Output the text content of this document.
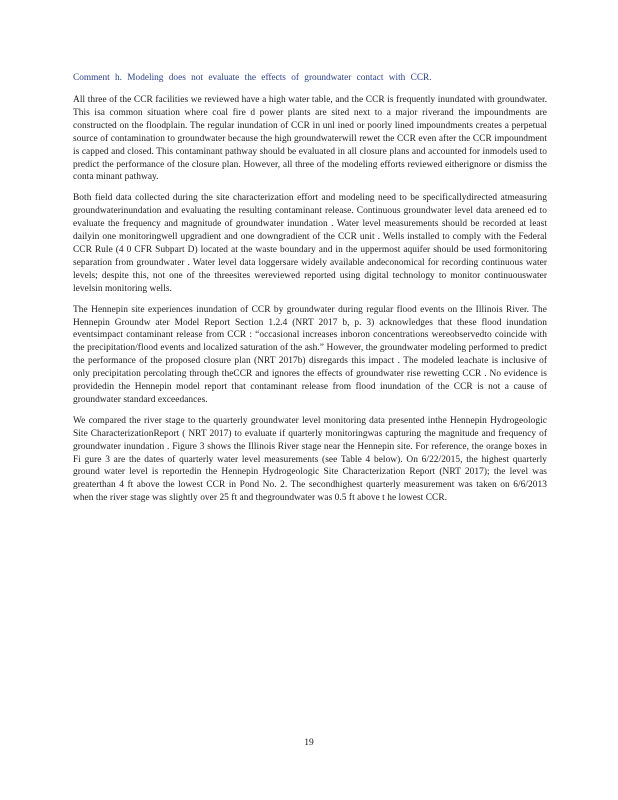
Comment h. Modeling does not evaluate the effects of groundwater contact with CCR.

All three of the CCR facilities we reviewed have a high water table, and the CCR is frequently inundated with groundwater. This isa common situation where coal fire d power plants are sited next to a major riverand the impoundments are constructed on the floodplain. The regular inundation of CCR in unl ined or poorly lined impoundments creates a perpetual source of contamination to groundwater because the high groundwaterwill rewet the CCR even after the CCR impoundment is capped and closed. This contaminant pathway should be evaluated in all closure plans and accounted for inmodels used to predict the performance of the closure plan. However, all three of the modeling efforts reviewed eitherignore or dismiss the conta minant pathway.

Both field data collected during the site characterization effort and modeling need to be specificallydirected atmeasuring groundwaterinundation and evaluating the resulting contaminant release. Continuous groundwater level data areneed ed to evaluate the frequency and magnitude of groundwater inundation . Water level measurements should be recorded at least dailyin one monitoringwell upgradient and one downgradient of the CCR unit . Wells installed to comply with the Federal CCR Rule (4 0 CFR Subpart D) located at the waste boundary and in the uppermost aquifer should be used formonitoring separation from groundwater . Water level data loggersare widely available andeconomical for recording continuous water levels; despite this, not one of the threesites wereviewed reported using digital technology to monitor continuouswater levelsin monitoring wells.

The Hennepin site experiences inundation of CCR by groundwater during regular flood events on the Illinois River. The Hennepin Groundw ater Model Report Section 1.2.4 (NRT 2017 b, p. 3) acknowledges that these flood inundation eventsimpact contaminant release from CCR : “occasional increases inboron concentrations wereobservedto coincide with the precipitation/flood events and localized saturation of the ash.” However, the groundwater modeling performed to predict the performance of the proposed closure plan (NRT 2017b) disregards this impact . The modeled leachate is inclusive of only precipitation percolating through theCCR and ignores the effects of groundwater rise rewetting CCR . No evidence is providedin the Hennepin model report that contaminant release from flood inundation of the CCR is not a cause of groundwater standard exceedances.

We compared the river stage to the quarterly groundwater level monitoring data presented inthe Hennepin Hydrogeologic Site CharacterizationReport ( NRT 2017) to evaluate if quarterly monitoringwas capturing the magnitude and frequency of groundwater inundation . Figure 3 shows the Illinois River stage near the Hennepin site. For reference, the orange boxes in Fi gure 3 are the dates of quarterly water level measurements (see Table 4 below). On 6/22/2015, the highest quarterly ground water level is reportedin the Hennepin Hydrogeologic Site Characterization Report (NRT 2017); the level was greaterthan 4 ft above the lowest CCR in Pond No. 2. The secondhighest quarterly measurement was taken on 6/6/2013 when the river stage was slightly over 25 ft and thegroundwater was 0.5 ft above t he lowest CCR.

19
